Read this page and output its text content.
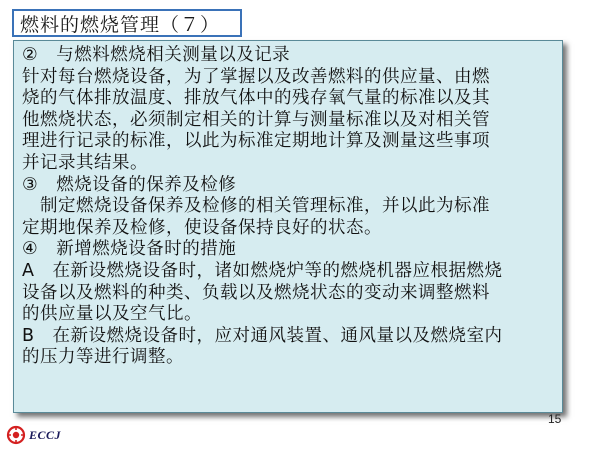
燃料的燃烧管理（７）

②　与燃料燃烧相关测量以及记录

针对每台燃烧设备，为了掌握以及改善燃料的供应量、由燃

烧的气体排放温度、排放气体中的残存氧气量的标准以及其

他燃烧状态，必须制定相关的计算与测量标准以及对相关管

理进行记录的标准，以此为标准定期地计算及测量这些事项

并记录其结果。

③　燃烧设备的保养及检修

　制定燃烧设备保养及检修的相关管理标准，并以此为标准

定期地保养及检修，使设备保持良好的状态。

④　新增燃烧设备时的措施

A　在新设燃烧设备时，诸如燃烧炉等的燃烧机器应根据燃烧

设备以及燃料的种类、负载以及燃烧状态的变动来调整燃料

的供应量以及空气比。

B　在新设燃烧设备时，应对通风装置、通风量以及燃烧室内

的压力等进行调整。

15
ECCJ
